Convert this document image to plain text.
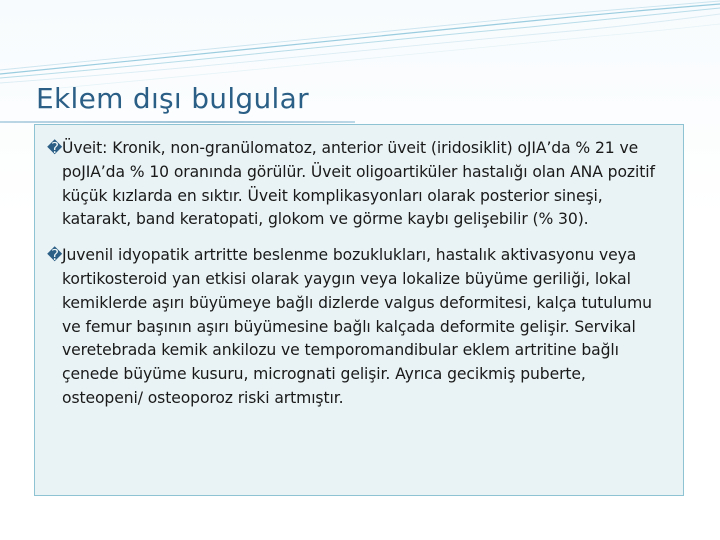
Eklem dışı bulgular
� Üveit: Kronik, non-granülomatoz, anterior üveit (iridosiklit) oJIA’da % 21 ve poJIA’da % 10 oranında görülür. Üveit oligoartiküler hastalığı olan ANA pozitif küçük kızlarda en sıktır. Üveit komplikasyonları olarak posterior sineşi, katarakt, band keratopati, glokom ve görme kaybı gelişebilir (% 30).

� Juvenil idyopatik artritte beslenme bozuklukları, hastalık aktivasyonu veya kortikosteroid yan etkisi olarak yaygın veya lokalize büyüme geriliği, lokal kemiklerde aşırı büyümeye bağlı dizlerde valgus deformitesi, kalça tutulumu ve femur başının aşırı büyümesine bağlı kalçada deformite gelişir. Servikal veretebrada kemik ankilozu ve temporomandibular eklem artritine bağlı çenede büyüme kusuru, micrognati gelişir. Ayrıca gecikmiş puberte, osteopeni/ osteoporoz riski artmıştır.
